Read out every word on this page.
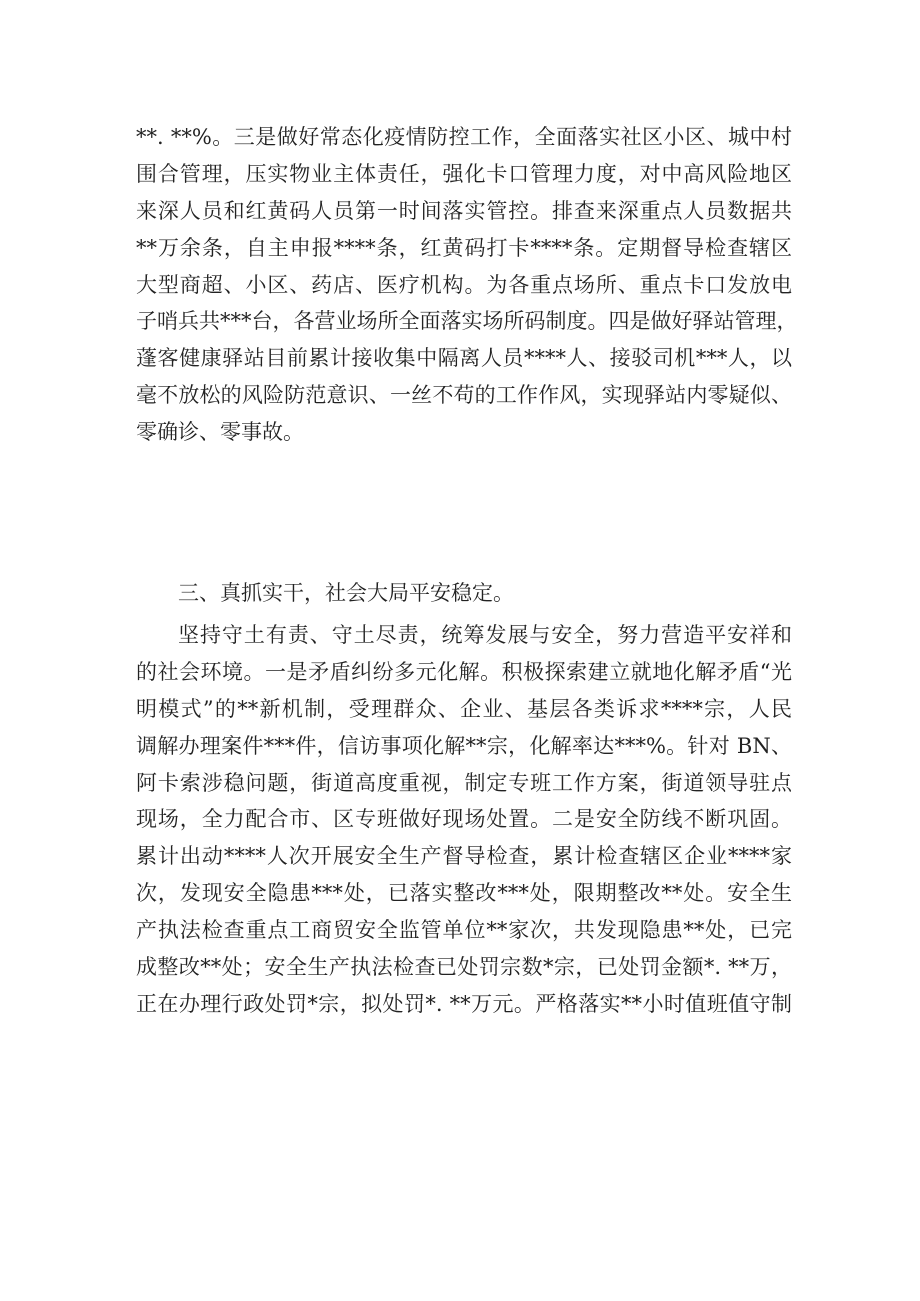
**. **%。三是做好常态化疫情防控工作，全面落实社区小区、城中村
围合管理，压实物业主体责任，强化卡口管理力度，对中高风险地区
来深人员和红黄码人员第一时间落实管控。排查来深重点人员数据共
**万余条，自主申报****条，红黄码打卡****条。定期督导检查辖区
大型商超、小区、药店、医疗机构。为各重点场所、重点卡口发放电
子哨兵共***台，各营业场所全面落实场所码制度。四是做好驿站管理，
蓬客健康驿站目前累计接收集中隔离人员****人、接驳司机***人，以
毫不放松的风险防范意识、一丝不苟的工作作风，实现驿站内零疑似、
零确诊、零事故。
三、真抓实干，社会大局平安稳定。
坚持守土有责、守土尽责，统筹发展与安全，努力营造平安祥和
的社会环境。一是矛盾纠纷多元化解。积极探索建立就地化解矛盾“光
明模式”的**新机制，受理群众、企业、基层各类诉求****宗，人民
调解办理案件***件，信访事项化解**宗，化解率达***%。针对 BN、
阿卡索涉稳问题，街道高度重视，制定专班工作方案，街道领导驻点
现场，全力配合市、区专班做好现场处置。二是安全防线不断巩固。
累计出动****人次开展安全生产督导检查，累计检查辖区企业****家
次，发现安全隐患***处，已落实整改***处，限期整改**处。安全生
产执法检查重点工商贸安全监管单位**家次，共发现隐患**处，已完
成整改**处；安全生产执法检查已处罚宗数*宗，已处罚金额*. **万，
正在办理行政处罚*宗，拟处罚*. **万元。严格落实**小时值班值守制
